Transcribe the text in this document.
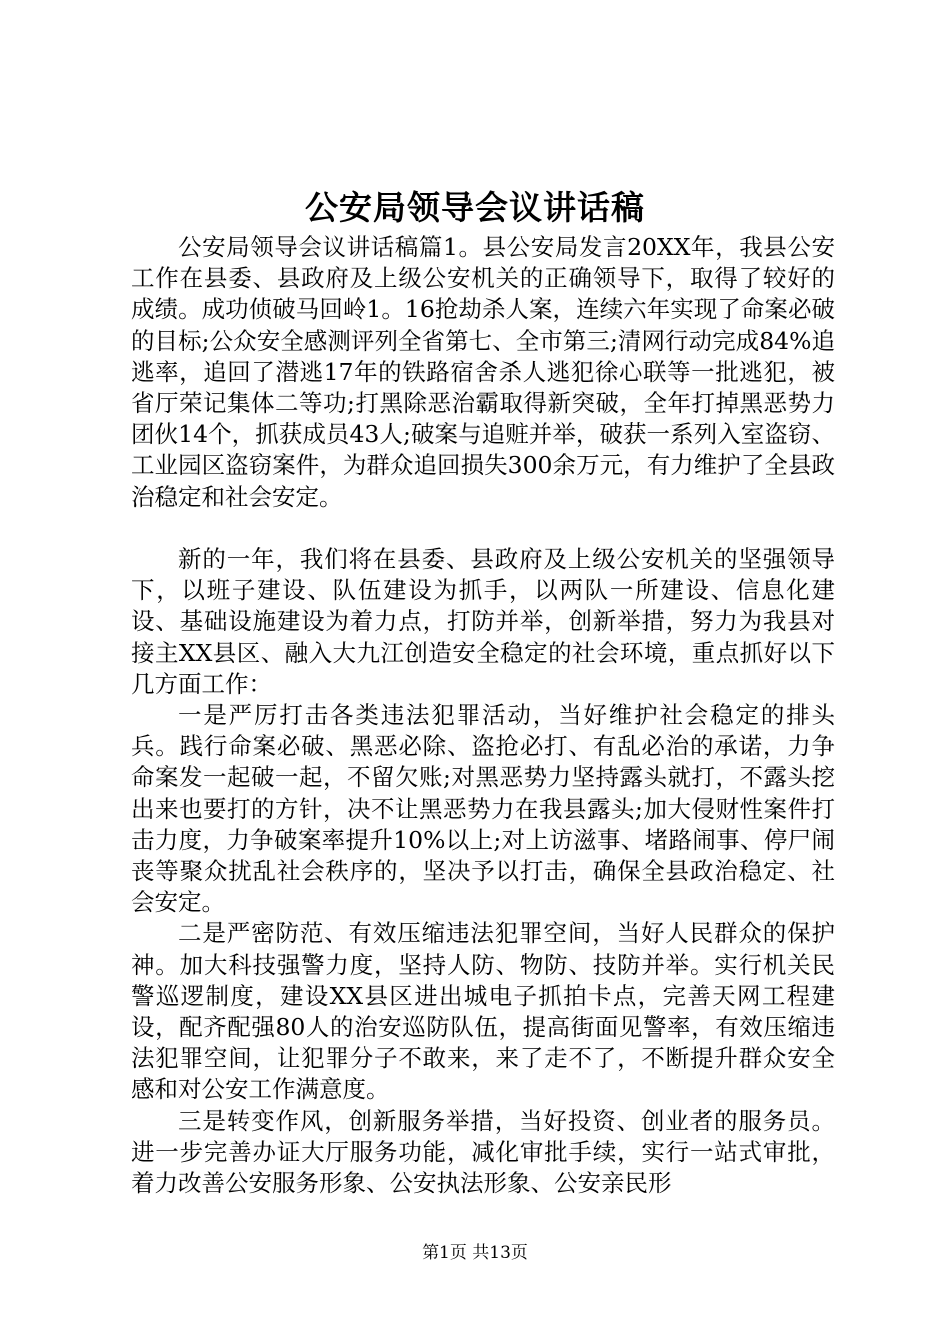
公安局领导会议讲话稿

公安局领导会议讲话稿篇1。县公安局发言20XX年，我县公安工作在县委、县政府及上级公安机关的正确领导下，取得了较好的成绩。成功侦破马回岭1。16抢劫杀人案，连续六年实现了命案必破的目标;公众安全感测评列全省第七、全市第三;清网行动完成84%追逃率，追回了潜逃17年的铁路宿舍杀人逃犯徐心联等一批逃犯，被省厅荣记集体二等功;打黑除恶治霸取得新突破，全年打掉黑恶势力团伙14个，抓获成员43人;破案与追赃并举，破获一系列入室盗窃、工业园区盗窃案件，为群众追回损失300余万元，有力维护了全县政治稳定和社会安定。

新的一年，我们将在县委、县政府及上级公安机关的坚强领导下，以班子建设、队伍建设为抓手，以两队一所建设、信息化建设、基础设施建设为着力点，打防并举，创新举措，努力为我县对接主XX县区、融入大九江创造安全稳定的社会环境，重点抓好以下几方面工作：

一是严厉打击各类违法犯罪活动，当好维护社会稳定的排头兵。践行命案必破、黑恶必除、盗抢必打、有乱必治的承诺，力争命案发一起破一起，不留欠账;对黑恶势力坚持露头就打，不露头挖出来也要打的方针，决不让黑恶势力在我县露头;加大侵财性案件打击力度，力争破案率提升10%以上;对上访滋事、堵路闹事、停尸闹丧等聚众扰乱社会秩序的，坚决予以打击，确保全县政治稳定、社会安定。

二是严密防范、有效压缩违法犯罪空间，当好人民群众的保护神。加大科技强警力度，坚持人防、物防、技防并举。实行机关民警巡逻制度，建设XX县区进出城电子抓拍卡点，完善天网工程建设，配齐配强80人的治安巡防队伍，提高街面见警率，有效压缩违法犯罪空间，让犯罪分子不敢来，来了走不了，不断提升群众安全感和对公安工作满意度。

三是转变作风，创新服务举措，当好投资、创业者的服务员。进一步完善办证大厅服务功能，减化审批手续，实行一站式审批，着力改善公安服务形象、公安执法形象、公安亲民形

第1页 共13页
